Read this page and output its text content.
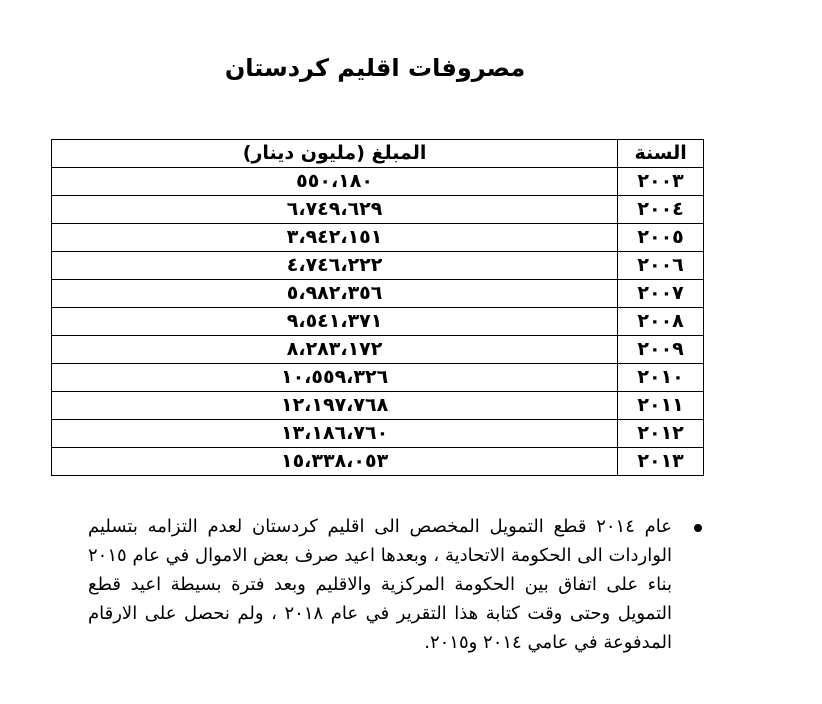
مصروفات اقليم كردستان
السنة	المبلغ (مليون دينار)
٢٠٠٣	٥٥٠،١٨٠
٢٠٠٤	٦،٧٤٩،٦٢٩
٢٠٠٥	٣،٩٤٢،١٥١
٢٠٠٦	٤،٧٤٦،٢٢٢
٢٠٠٧	٥،٩٨٢،٣٥٦
٢٠٠٨	٩،٥٤١،٣٧١
٢٠٠٩	٨،٢٨٣،١٧٢
٢٠١٠	١٠،٥٥٩،٣٢٦
٢٠١١	١٢،١٩٧،٧٦٨
٢٠١٢	١٣،١٨٦،٧٦٠
٢٠١٣	١٥،٣٣٨،٠٥٣

عام ٢٠١٤ قطع التمويل المخصص الى اقليم كردستان لعدم التزامه بتسليم الواردات الى الحكومة الاتحادية ، وبعدها اعيد صرف بعض الاموال في عام ٢٠١٥ بناء على اتفاق بين الحكومة المركزية والاقليم وبعد فترة بسيطة اعيد قطع التمويل وحتى وقت كتابة هذا التقرير في عام ٢٠١٨ ، ولم نحصل على الارقام المدفوعة في عامي ٢٠١٤ و٢٠١٥.
